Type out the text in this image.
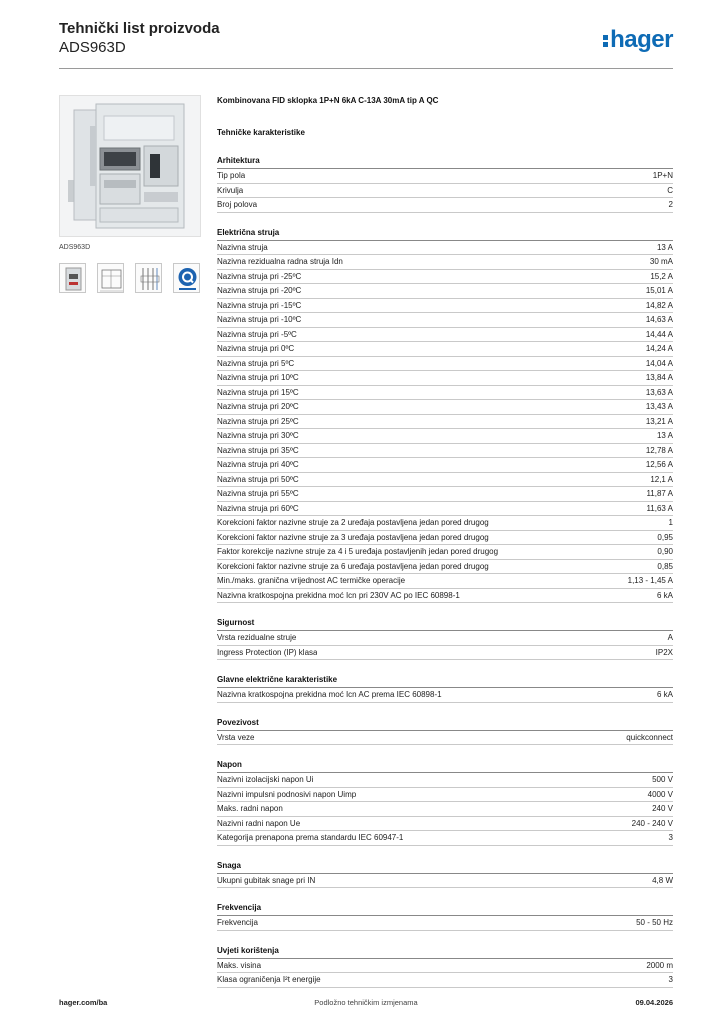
Tehnički list proizvoda
ADS963D	hager
ADS963D
Kombinovana FID sklopka 1P+N 6kA C-13A 30mA tip A QC
Tehničke karakteristike
Arhitektura
Tip pola	1P+N
Krivulja	C
Broj polova	2
Električna struja
Nazivna struja	13 A
Nazivna rezidualna radna struja Idn	30 mA
Nazivna struja pri -25ºC	15,2 A
Nazivna struja pri -20ºC	15,01 A
Nazivna struja pri -15ºC	14,82 A
Nazivna struja pri -10ºC	14,63 A
Nazivna struja pri -5ºC	14,44 A
Nazivna struja pri 0ºC	14,24 A
Nazivna struja pri 5ºC	14,04 A
Nazivna struja pri 10ºC	13,84 A
Nazivna struja pri 15ºC	13,63 A
Nazivna struja pri 20ºC	13,43 A
Nazivna struja pri 25ºC	13,21 A
Nazivna struja pri 30ºC	13 A
Nazivna struja pri 35ºC	12,78 A
Nazivna struja pri 40ºC	12,56 A
Nazivna struja pri 50ºC	12,1 A
Nazivna struja pri 55ºC	11,87 A
Nazivna struja pri 60ºC	11,63 A
Korekcioni faktor nazivne struje za 2 uređaja postavljena jedan pored drugog	1
Korekcioni faktor nazivne struje za 3 uređaja postavljena jedan pored drugog	0,95
Faktor korekcije nazivne struje za 4 i 5 uređaja postavljenih jedan pored drugog	0,90
Korekcioni faktor nazivne struje za 6 uređaja postavljena jedan pored drugog	0,85
Min./maks. granična vrijednost AC termičke operacije	1,13 - 1,45 A
Nazivna kratkospojna prekidna moć Icn pri 230V AC po IEC 60898-1	6 kA
Sigurnost
Vrsta rezidualne struje	A
Ingress Protection (IP) klasa	IP2X
Glavne električne karakteristike
Nazivna kratkospojna prekidna moć Icn AC prema IEC 60898-1	6 kA
Povezivost
Vrsta veze	quickconnect
Napon
Nazivni izolacijski napon Ui	500 V
Nazivni impulsni podnosivi napon Uimp	4000 V
Maks. radni napon	240 V
Nazivni radni napon Ue	240 - 240 V
Kategorija prenapona prema standardu IEC 60947-1	3
Snaga
Ukupni gubitak snage pri IN	4,8 W
Frekvencija
Frekvencija	50 - 50 Hz
Uvjeti korištenja
Maks. visina	2000 m
Klasa ograničenja I²t energije	3
Podložno tehničkim izmjenama
hager.com/ba	09.04.2026
